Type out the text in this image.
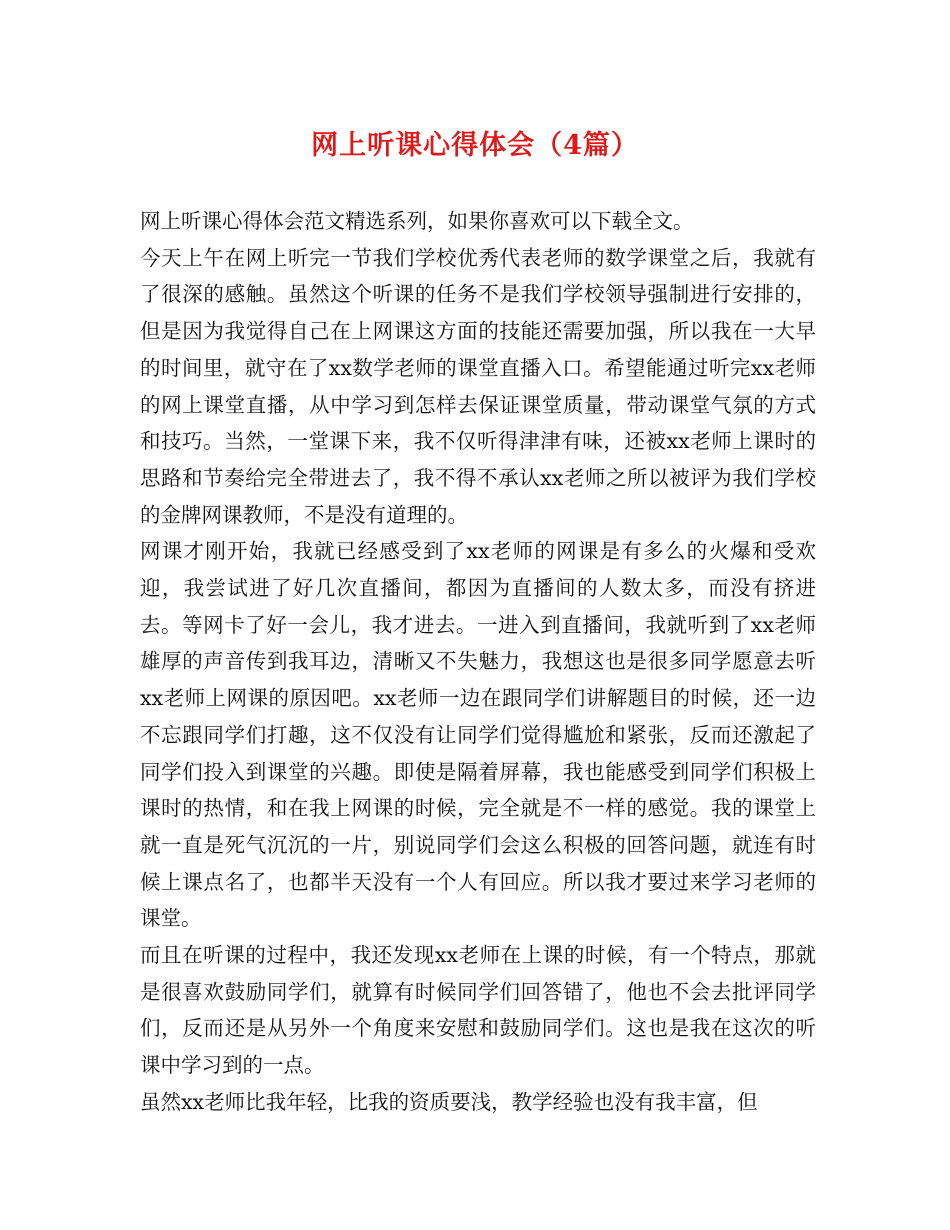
网上听课心得体会（4篇）

网上听课心得体会范文精选系列，如果你喜欢可以下载全文。

今天上午在网上听完一节我们学校优秀代表老师的数学课堂之后，我就有了很深的感触。虽然这个听课的任务不是我们学校领导强制进行安排的，但是因为我觉得自己在上网课这方面的技能还需要加强，所以我在一大早的时间里，就守在了xx数学老师的课堂直播入口。希望能通过听完xx老师的网上课堂直播，从中学习到怎样去保证课堂质量，带动课堂气氛的方式和技巧。当然，一堂课下来，我不仅听得津津有味，还被xx老师上课时的思路和节奏给完全带进去了，我不得不承认xx老师之所以被评为我们学校的金牌网课教师，不是没有道理的。

网课才刚开始，我就已经感受到了xx老师的网课是有多么的火爆和受欢迎，我尝试进了好几次直播间，都因为直播间的人数太多，而没有挤进去。等网卡了好一会儿，我才进去。一进入到直播间，我就听到了xx老师雄厚的声音传到我耳边，清晰又不失魅力，我想这也是很多同学愿意去听xx老师上网课的原因吧。xx老师一边在跟同学们讲解题目的时候，还一边不忘跟同学们打趣，这不仅没有让同学们觉得尴尬和紧张，反而还激起了同学们投入到课堂的兴趣。即使是隔着屏幕，我也能感受到同学们积极上课时的热情，和在我上网课的时候，完全就是不一样的感觉。我的课堂上就一直是死气沉沉的一片，别说同学们会这么积极的回答问题，就连有时候上课点名了，也都半天没有一个人有回应。所以我才要过来学习老师的课堂。

而且在听课的过程中，我还发现xx老师在上课的时候，有一个特点，那就是很喜欢鼓励同学们，就算有时候同学们回答错了，他也不会去批评同学们，反而还是从另外一个角度来安慰和鼓励同学们。这也是我在这次的听课中学习到的一点。

虽然xx老师比我年轻，比我的资质要浅，教学经验也没有我丰富，但
